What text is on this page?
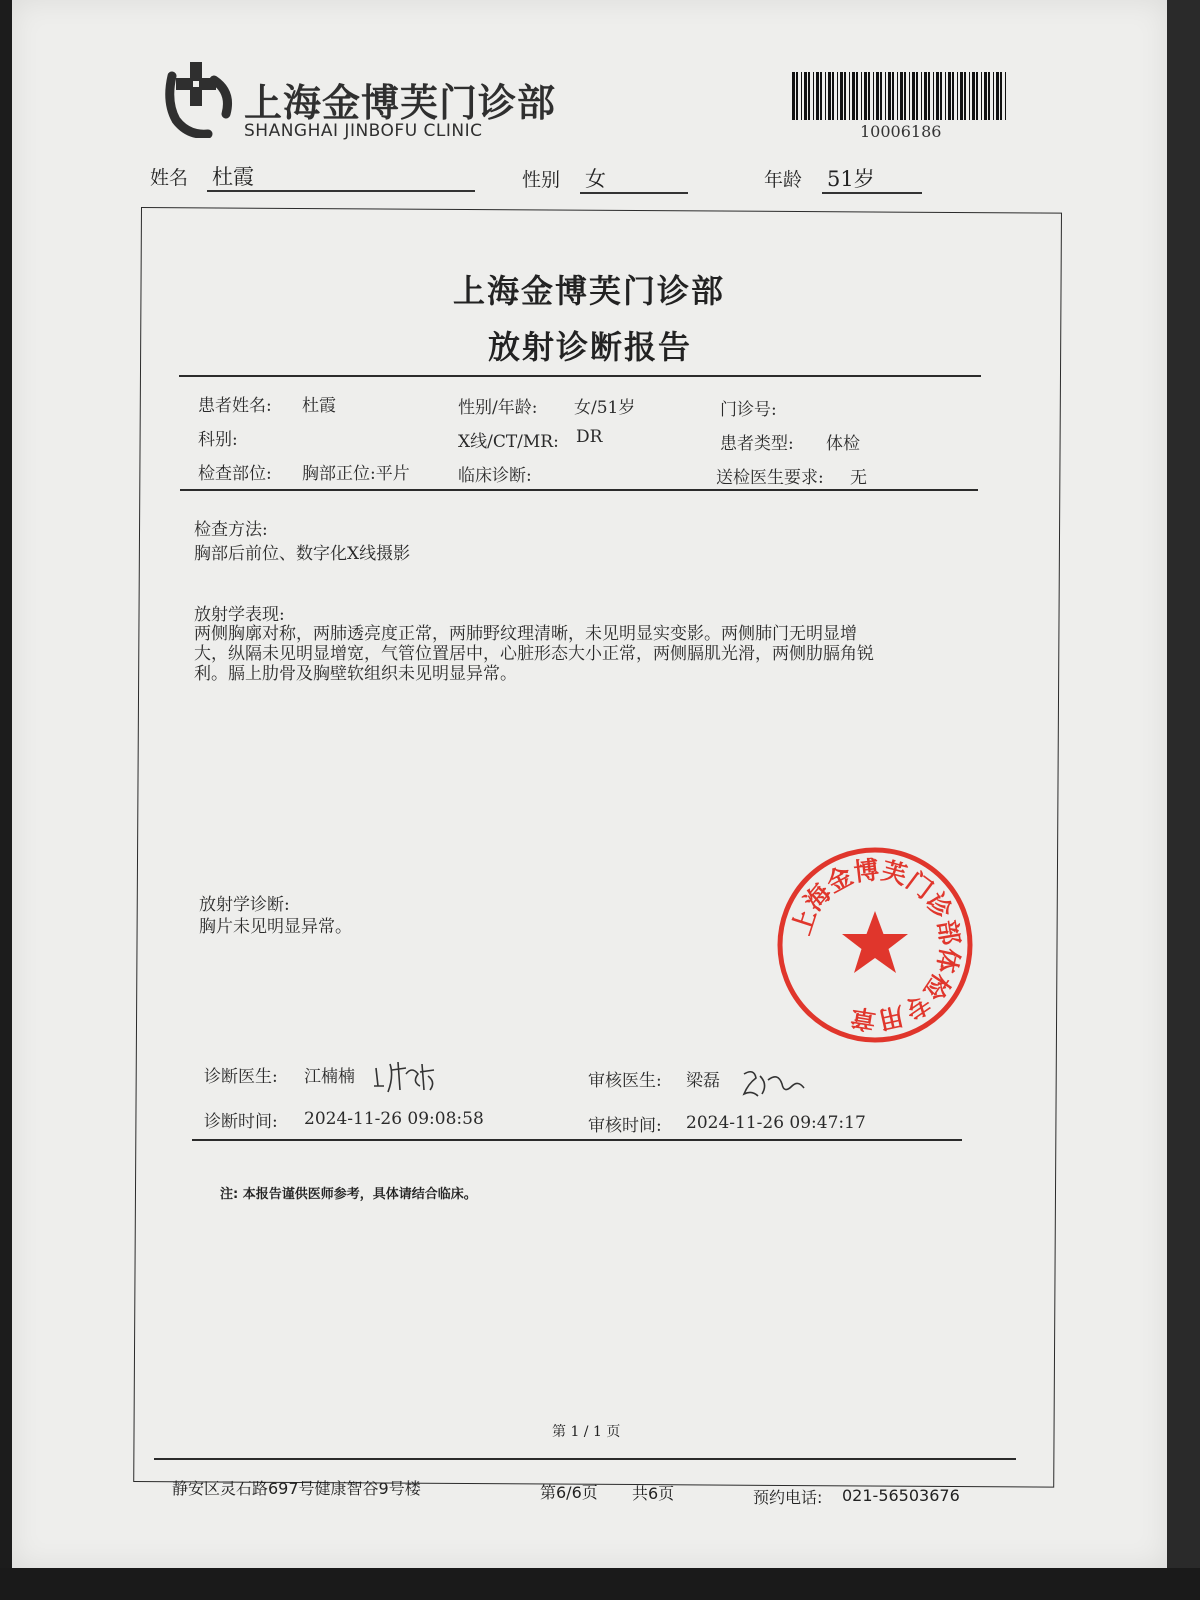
上海金博芙门诊部
SHANGHAI JINBOFU CLINIC	10006186
姓名 杜霞	性别 女	年龄 51岁
上海金博芙门诊部
放射诊断报告
患者姓名: 杜霞	性别/年龄: 女/51岁	门诊号:
科别:	X线/CT/MR: DR	患者类型: 体检
检查部位: 胸部正位:平片	临床诊断:	送检医生要求: 无
检查方法:
胸部后前位、数字化X线摄影
放射学表现:
两侧胸廓对称，两肺透亮度正常，两肺野纹理清晰，未见明显实变影。两侧肺门无明显增
大，纵隔未见明显增宽，气管位置居中，心脏形态大小正常，两侧膈肌光滑，两侧肋膈角锐
利。膈上肋骨及胸壁软组织未见明显异常。
放射学诊断:
胸片未见明显异常。	上海金博芙门诊部体检专用章
诊断医生: 江楠楠	审核医生: 梁磊
诊断时间: 2024-11-26 09:08:58	审核时间: 2024-11-26 09:47:17
注: 本报告谨供医师参考，具体请结合临床。
第 1 / 1 页
静安区灵石路697号健康智谷9号楼	第6/6页 共6页	预约电话: 021-56503676
